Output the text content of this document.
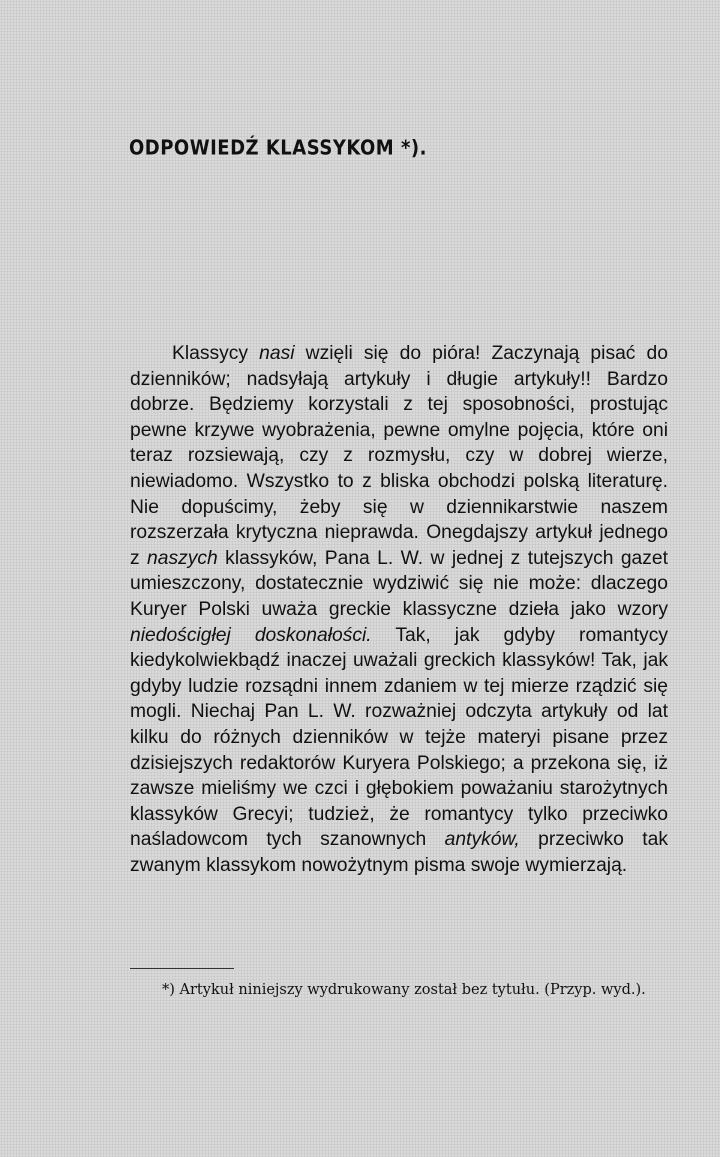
ODPOWIEDŹ KLASSYKOM *).

Klassycy nasi wzięli się do pióra! Zaczynają pisać do dzienników; nadsyłają artykuły i długie artykuły!! Bardzo dobrze. Będziemy korzystali z tej sposobności, prostując pewne krzywe wyobrażenia, pewne omylne pojęcia, które oni teraz rozsiewają, czy z rozmysłu, czy w dobrej wierze, niewiadomo. Wszystko to z bliska obchodzi polską literaturę. Nie dopuścimy, żeby się w dziennikarstwie naszem rozszerzała krytyczna nieprawda. Onegdajszy artykuł jednego z naszych klassyków, Pana L. W. w jednej z tutejszych gazet umieszczony, dostatecznie wydziwić się nie może: dlaczego Kuryer Polski uważa greckie klassyczne dzieła jako wzory niedościgłej doskonałości. Tak, jak gdyby romantycy kiedykolwiekbądź inaczej uważali greckich klassyków! Tak, jak gdyby ludzie rozsądni innem zdaniem w tej mierze rządzić się mogli. Niechaj Pan L. W. rozważniej odczyta artykuły od lat kilku do różnych dzienników w tejże materyi pisane przez dzisiejszych redaktorów Kuryera Polskiego; a przekona się, iż zawsze mieliśmy we czci i głębokiem poważaniu starożytnych klassyków Grecyi; tudzież, że romantycy tylko przeciwko naśladowcom tych szanownych antyków, przeciwko tak zwanym klassykom nowożytnym pisma swoje wymierzają.

*) Artykuł niniejszy wydrukowany został bez tytułu. (Przyp. wyd.).
